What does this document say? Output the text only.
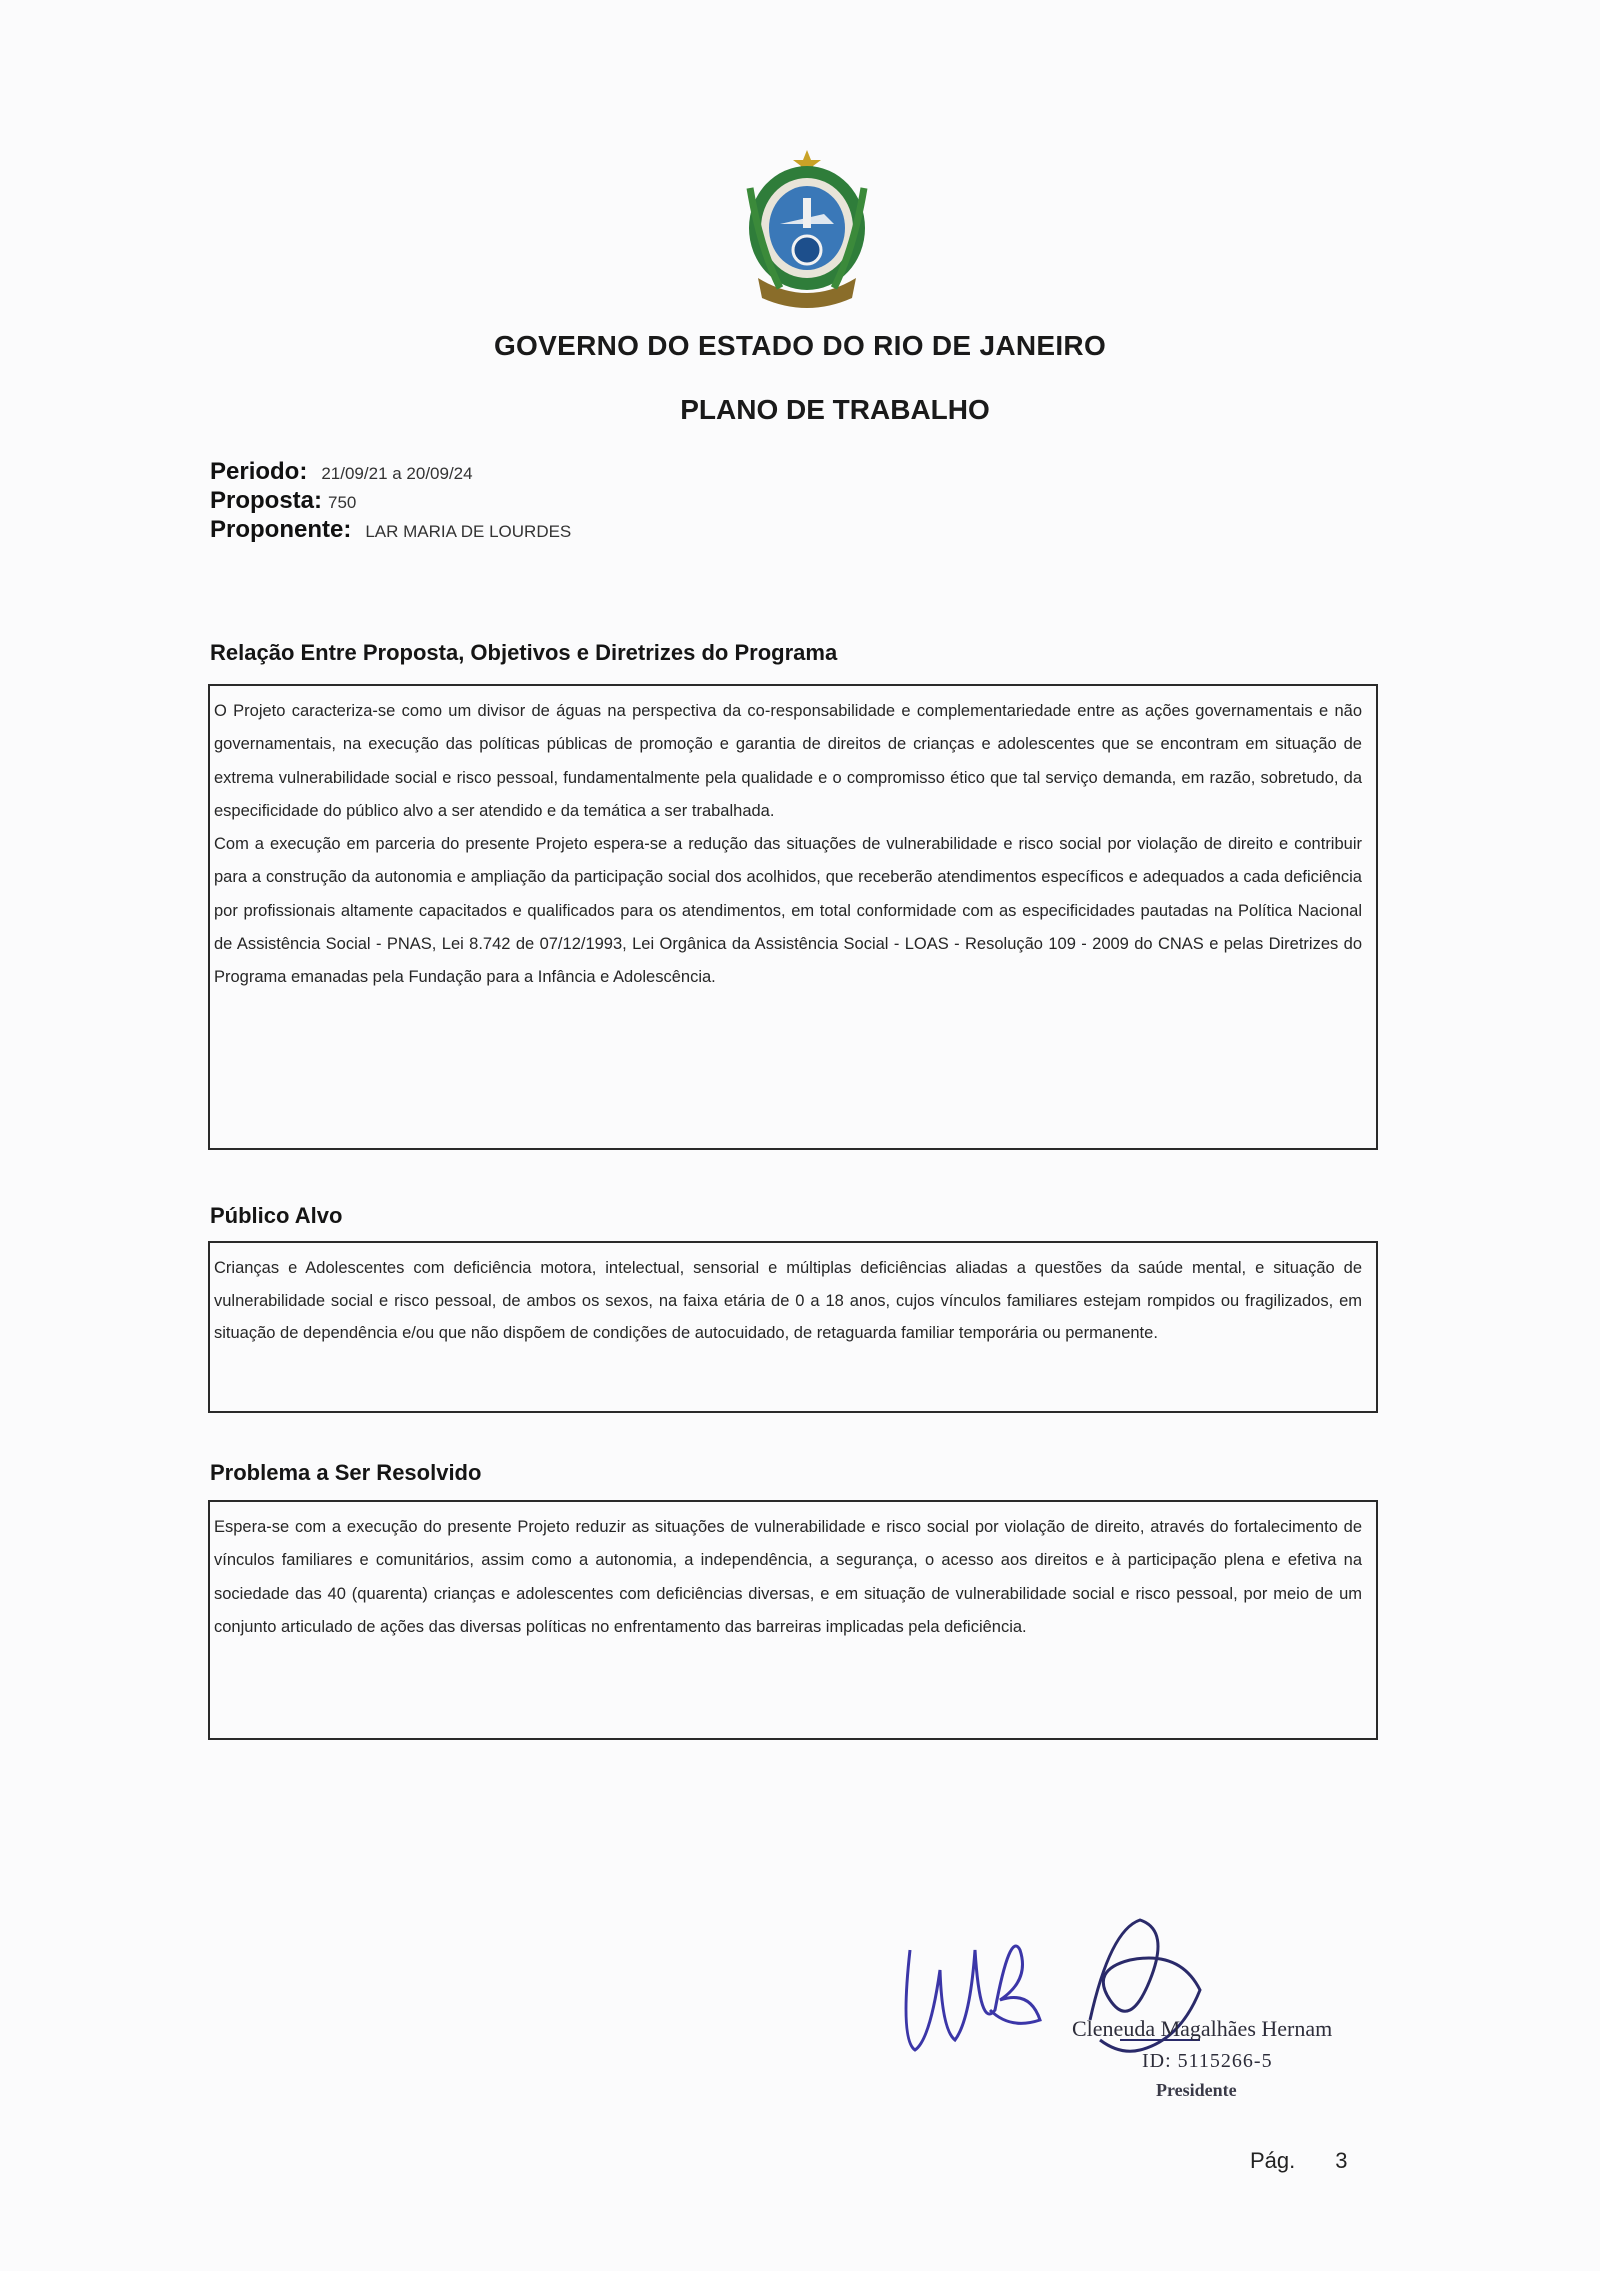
GOVERNO DO ESTADO DO RIO DE JANEIRO
PLANO DE TRABALHO
Periodo: 21/09/21 a 20/09/24
Proposta: 750
Proponente: LAR MARIA DE LOURDES
Relação Entre Proposta, Objetivos e Diretrizes do Programa

O Projeto caracteriza-se como um divisor de águas na perspectiva da co-responsabilidade e complementariedade entre as ações governamentais e não governamentais, na execução das políticas públicas de promoção e garantia de direitos de crianças e adolescentes que se encontram em situação de extrema vulnerabilidade social e risco pessoal, fundamentalmente pela qualidade e o compromisso ético que tal serviço demanda, em razão, sobretudo, da especificidade do público alvo a ser atendido e da temática a ser trabalhada.

Com a execução em parceria do presente Projeto espera-se a redução das situações de vulnerabilidade e risco social por violação de direito e contribuir para a construção da autonomia e ampliação da participação social dos acolhidos, que receberão atendimentos específicos e adequados a cada deficiência por profissionais altamente capacitados e qualificados para os atendimentos, em total conformidade com as especificidades pautadas na Política Nacional de Assistência Social - PNAS, Lei 8.742 de 07/12/1993, Lei Orgânica da Assistência Social - LOAS - Resolução 109 - 2009 do CNAS e pelas Diretrizes do Programa emanadas pela Fundação para a Infância e Adolescência.

Público Alvo

Crianças e Adolescentes com deficiência motora, intelectual, sensorial e múltiplas deficiências aliadas a questões da saúde mental, e situação de vulnerabilidade social e risco pessoal, de ambos os sexos, na faixa etária de 0 a 18 anos, cujos vínculos familiares estejam rompidos ou fragilizados, em situação de dependência e/ou que não dispõem de condições de autocuidado, de retaguarda familiar temporária ou permanente.

Problema a Ser Resolvido

Espera-se com a execução do presente Projeto reduzir as situações de vulnerabilidade e risco social por violação de direito, através do fortalecimento de vínculos familiares e comunitários, assim como a autonomia, a independência, a segurança, o acesso aos direitos e à participação plena e efetiva na sociedade das 40 (quarenta) crianças e adolescentes com deficiências diversas, e em situação de vulnerabilidade social e risco pessoal, por meio de um conjunto articulado de ações das diversas políticas no enfrentamento das barreiras implicadas pela deficiência.

Cleneuda Magalhães Hernam
ID: 5115266-5
Presidente
Pág. 3
